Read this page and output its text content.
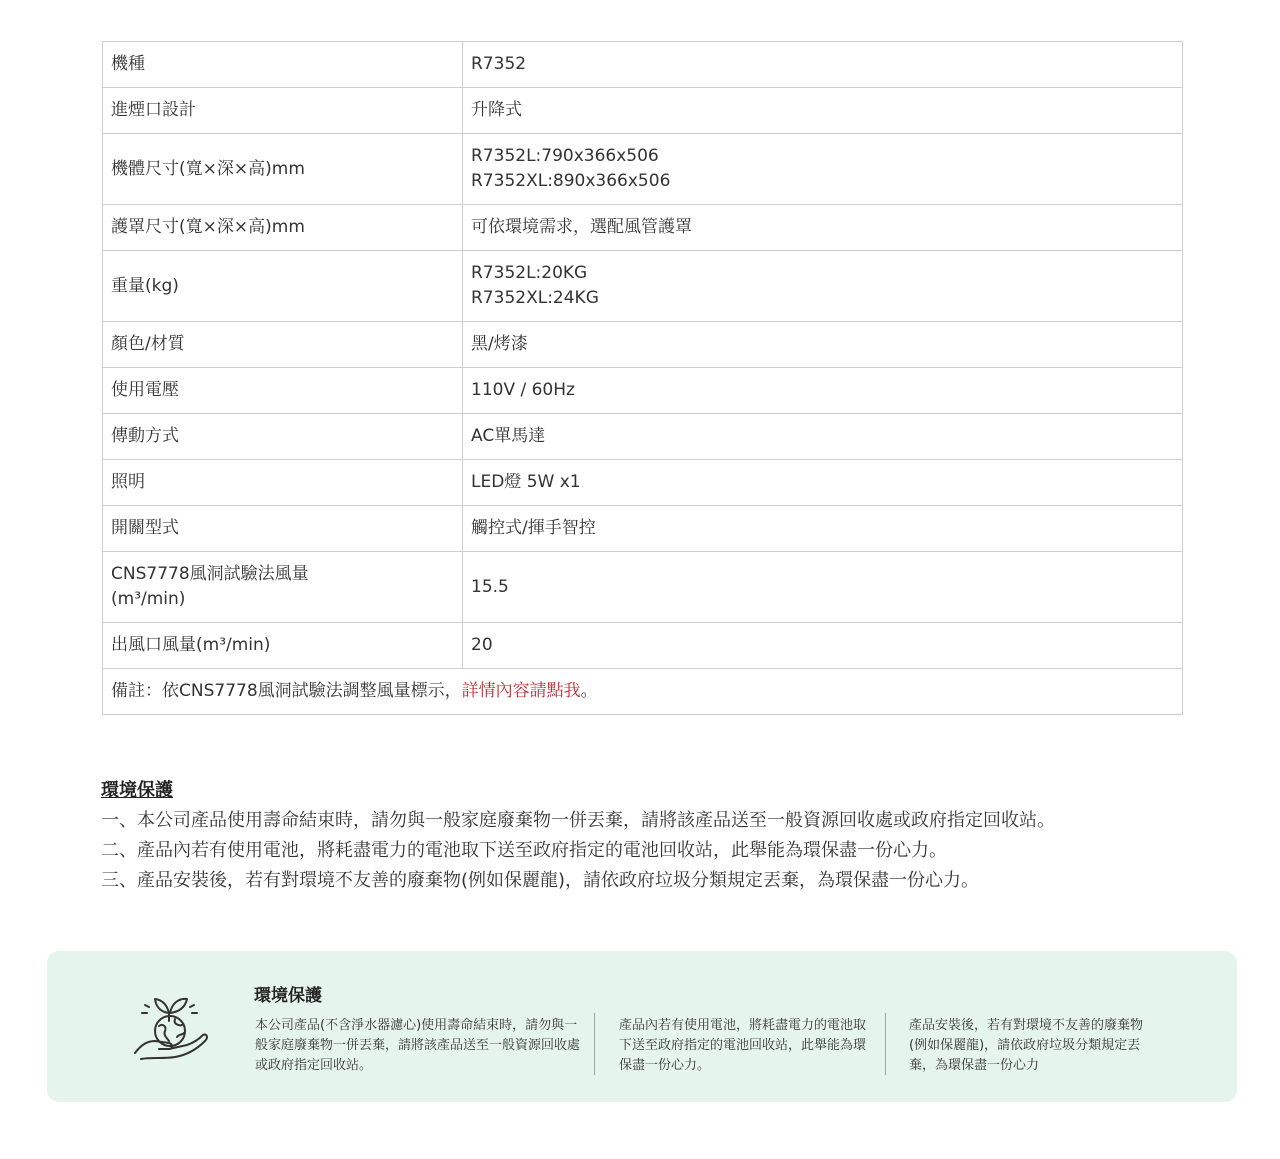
機種	R7352
進煙口設計	升降式
機體尺寸(寬×深×高)mm	R7352L:790x366x506
R7352XL:890x366x506

護罩尺寸(寬×深×高)mm	可依環境需求，選配風管護罩
重量(kg)	R7352L:20KG
R7352XL:24KG

顏色/材質	黑/烤漆
使用電壓	110V / 60Hz
傳動方式	AC單馬達
照明	LED燈 5W x1
開關型式	觸控式/揮手智控

CNS7778風洞試驗法風量
(m³/min)	15.5
出風口風量(m³/min)	20
備註：依CNS7778風洞試驗法調整風量標示，詳情內容請點我。	
環境保護

一、本公司產品使用壽命結束時，請勿與一般家庭廢棄物一併丟棄，請將該產品送至一般資源回收處或政府指定回收站。

二、產品內若有使用電池，將耗盡電力的電池取下送至政府指定的電池回收站，此舉能為環保盡一份心力。

三、產品安裝後，若有對環境不友善的廢棄物(例如保麗龍)，請依政府垃圾分類規定丟棄，為環保盡一份心力。

環境保護

本公司產品(不含淨水器濾心)使用壽命結束時，請勿與一般家庭廢棄物一併丟棄，請將該產品送至一般資源回收處或政府指定回收站。

產品內若有使用電池，將耗盡電力的電池取下送至政府指定的電池回收站，此舉能為環保盡一份心力。

產品安裝後，若有對環境不友善的廢棄物(例如保麗龍)，請依政府垃圾分類規定丟棄，為環保盡一份心力
